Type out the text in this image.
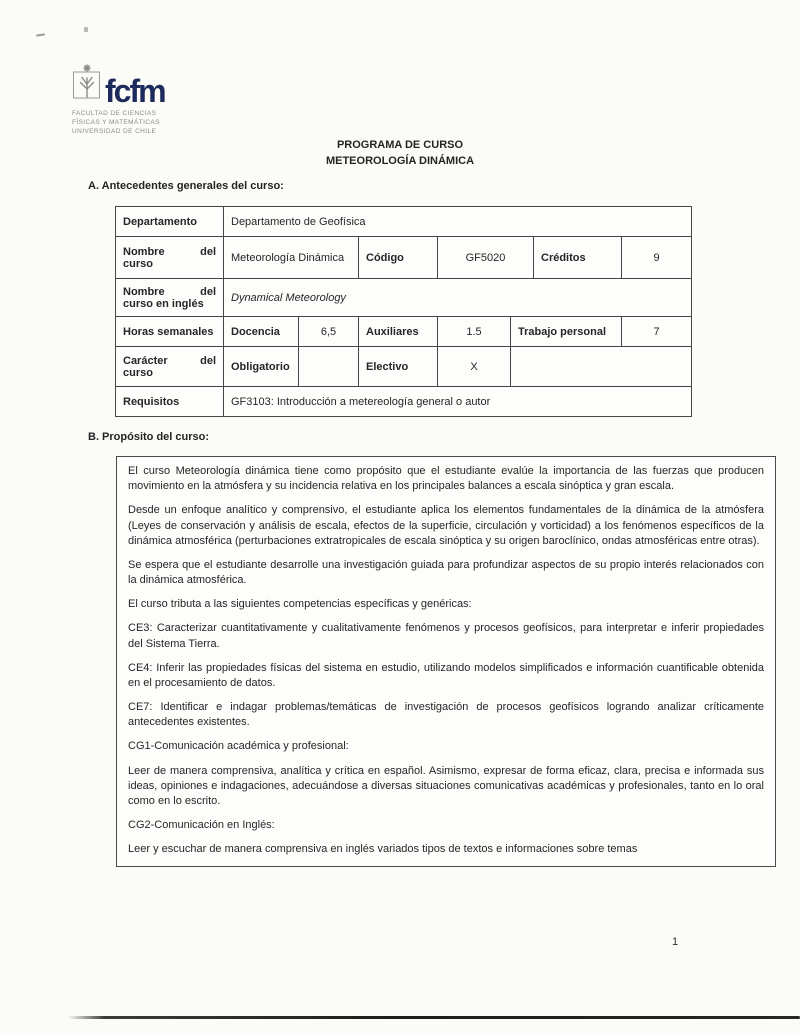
fcfm
FACULTAD DE CIENCIAS
FÍSICAS Y MATEMÁTICAS
UNIVERSIDAD DE CHILE
PROGRAMA DE CURSO
METEOROLOGÍA DINÁMICA
A. Antecedentes generales del curso:
Departamento	Departamento de Geofísica						
Nombre del curso	Meteorología Dinámica		Código	GF5020		Créditos	9
Nombre del curso en inglés	Dynamical Meteorology						
Horas semanales	Docencia	6,5	Auxiliares	1.5	Trabajo personal		7
Carácter del curso	Obligatorio		Electivo	X			
Requisitos	GF3103: Introducción a metereología general o autor						
B. Propósito del curso:

El curso Meteorología dinámica tiene como propósito que el estudiante evalúe la importancia de las fuerzas que producen movimiento en la atmósfera y su incidencia relativa en los principales balances a escala sinóptica y gran escala.

Desde un enfoque analítico y comprensivo, el estudiante aplica los elementos fundamentales de la dinámica de la atmósfera (Leyes de conservación y análisis de escala, efectos de la superficie, circulación y vorticidad) a los fenómenos específicos de la dinámica atmosférica (perturbaciones extratropicales de escala sinóptica y su origen baroclínico, ondas atmosféricas entre otras).

Se espera que el estudiante desarrolle una investigación guiada para profundizar aspectos de su propio interés relacionados con la dinámica atmosférica.

El curso tributa a las siguientes competencias específicas y genéricas:

CE3: Caracterizar cuantitativamente y cualitativamente fenómenos y procesos geofísicos, para interpretar e inferir propiedades del Sistema Tierra.

CE4: Inferir las propiedades físicas del sistema en estudio, utilizando modelos simplificados e información cuantificable obtenida en el procesamiento de datos.

CE7: Identificar e indagar problemas/temáticas de investigación de procesos geofísicos logrando analizar críticamente antecedentes existentes.

CG1-Comunicación académica y profesional:

Leer de manera comprensiva, analítica y crítica en español. Asimismo, expresar de forma eficaz, clara, precisa e informada sus ideas, opiniones e indagaciones, adecuándose a diversas situaciones comunicativas académicas y profesionales, tanto en lo oral como en lo escrito.

CG2-Comunicación en Inglés:

Leer y escuchar de manera comprensiva en inglés variados tipos de textos e informaciones sobre temas

1
